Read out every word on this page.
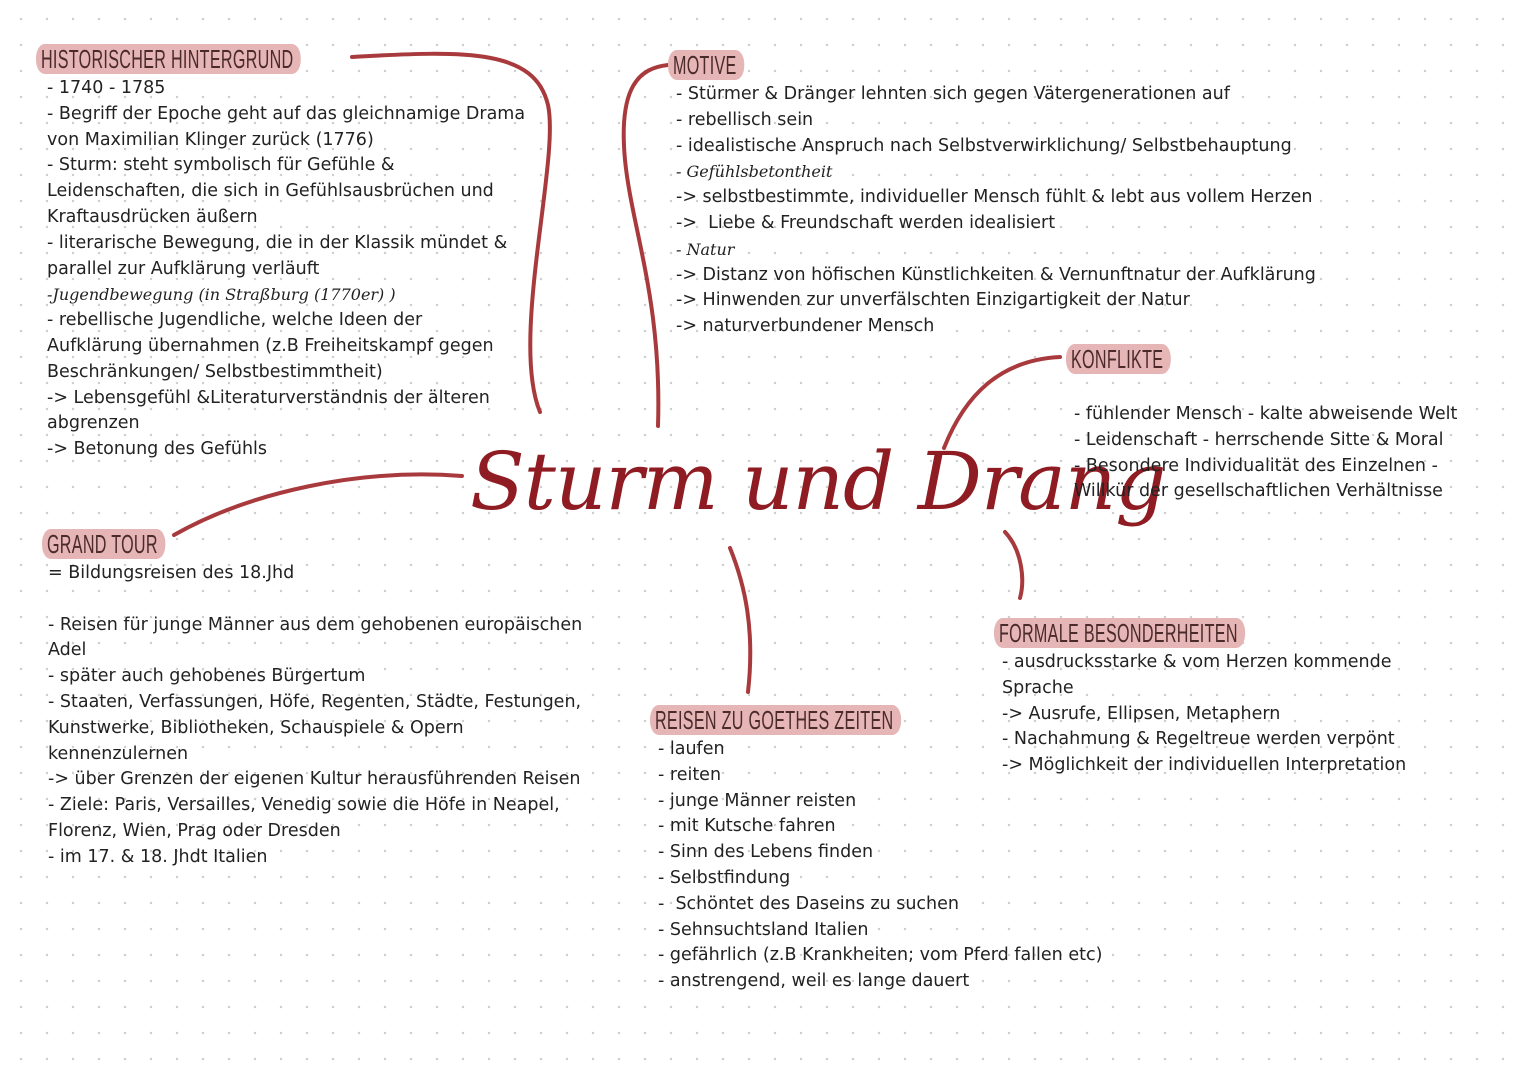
Sturm und Drang
HISTORISCHER HINTERGRUND
- 1740 - 1785
- Begriff der Epoche geht auf das gleichnamige Drama
von Maximilian Klinger zurück (1776)
- Sturm: steht symbolisch für Gefühle &
Leidenschaften, die sich in Gefühlsausbrüchen und
Kraftausdrücken äußern
- literarische Bewegung, die in der Klassik mündet &
parallel zur Aufklärung verläuft
-Jugendbewegung (in Straßburg (1770er) )
- rebellische Jugendliche, welche Ideen der
Aufklärung übernahmen (z.B Freiheitskampf gegen
Beschränkungen/ Selbstbestimmtheit)
-> Lebensgefühl &Literaturverständnis der älteren
abgrenzen
-> Betonung des Gefühls
MOTIVE
- Stürmer & Dränger lehnten sich gegen Vätergenerationen auf
- rebellisch sein
- idealistische Anspruch nach Selbstverwirklichung/ Selbstbehauptung
- Gefühlsbetontheit
-> selbstbestimmte, individueller Mensch fühlt & lebt aus vollem Herzen
->  Liebe & Freundschaft werden idealisiert
- Natur
-> Distanz von höfischen Künstlichkeiten & Vernunftnatur der Aufklärung
-> Hinwenden zur unverfälschten Einzigartigkeit der Natur
-> naturverbundener Mensch
KONFLIKTE
- fühlender Mensch - kalte abweisende Welt
- Leidenschaft - herrschende Sitte & Moral
- Besondere Individualität des Einzelnen -
Willkür der gesellschaftlichen Verhältnisse
GRAND TOUR
= Bildungsreisen des 18.Jhd
- Reisen für junge Männer aus dem gehobenen europäischen
Adel
- später auch gehobenes Bürgertum
- Staaten, Verfassungen, Höfe, Regenten, Städte, Festungen,
Kunstwerke, Bibliotheken, Schauspiele & Opern
kennenzulernen
-> über Grenzen der eigenen Kultur herausführenden Reisen
- Ziele: Paris, Versailles, Venedig sowie die Höfe in Neapel,
Florenz, Wien, Prag oder Dresden
- im 17. & 18. Jhdt Italien
FORMALE BESONDERHEITEN
- ausdrucksstarke & vom Herzen kommende
Sprache
-> Ausrufe, Ellipsen, Metaphern
- Nachahmung & Regeltreue werden verpönt
-> Möglichkeit der individuellen Interpretation
REISEN ZU GOETHES ZEITEN
- laufen
- reiten
- junge Männer reisten
- mit Kutsche fahren
- Sinn des Lebens finden
- Selbstfindung
-  Schöntet des Daseins zu suchen
- Sehnsuchtsland Italien
- gefährlich (z.B Krankheiten; vom Pferd fallen etc)
- anstrengend, weil es lange dauert
